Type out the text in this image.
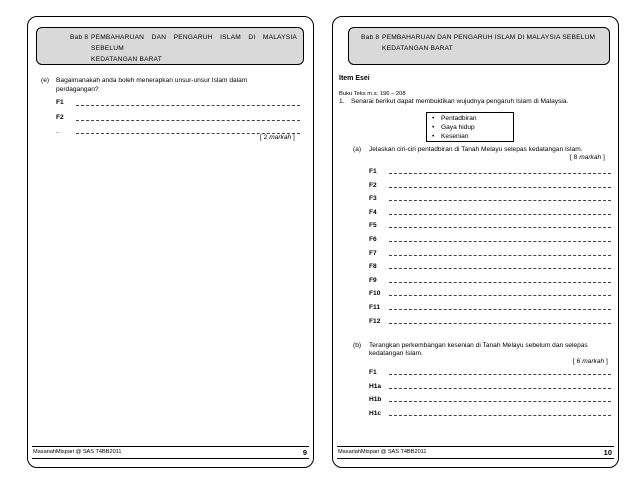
Bab 8 PEMBAHARUAN DAN PENGARUH ISLAM DI MALAYSIA SEBELUM
KEDATANGAN BARAT
(e) Bagaimanakah anda boleh menerapkan unsur-unsur Islam dalam
perdagangan?
F1
F2
_
[ 2 markah ]
MasariahMispari @ SAS T4BB2011	9
Bab 8 PEMBAHARUAN DAN PENGARUH ISLAM DI MALAYSIA SEBELUM
KEDATANGAN BARAT
Item Esei
Buku Teks m.s: 196 – 208
1. Senarai berikut dapat membuktikan wujudnya pengaruh Islam di Malaysia.
• Pentadbiran
• Gaya hidup
• Kesenian
(a) Jelaskan ciri-ciri pentadbiran di Tanah Melayu selepas kedatangan Islam.
[ 8 markah ]
F1
F2
F3
F4
F5
F6
F7
F8
F9
F10
F11
F12
(b) Terangkan perkembangan kesenian di Tanah Melayu sebelum dan selepas
kedatangan Islam.
[ 6 markah ]
F1
H1a
H1b
H1c
MasariahMispari @ SAS T4BB2011	10
